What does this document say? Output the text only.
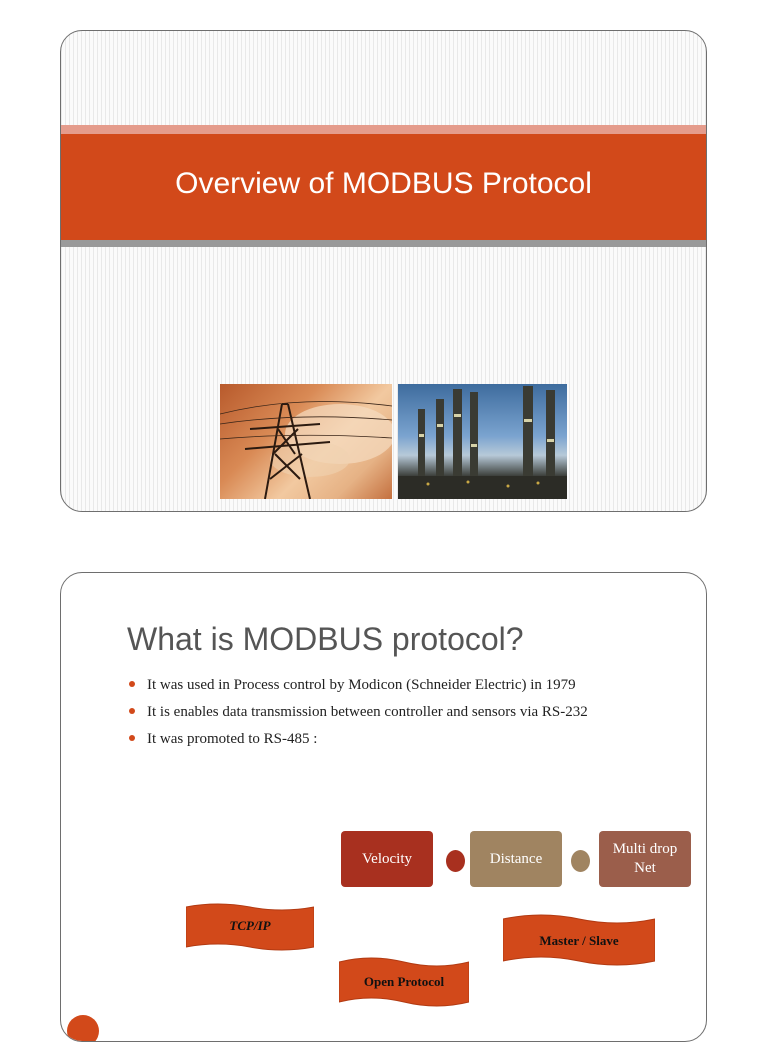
Overview of MODBUS Protocol
What is MODBUS protocol?
It was used in Process control by Modicon (Schneider Electric) in 1979
It is enables data transmission between controller and sensors via RS-232
It was promoted to RS-485 :
Velocity	Distance
Multi drop
Net
TCP/IP
Master / Slave
Open Protocol
